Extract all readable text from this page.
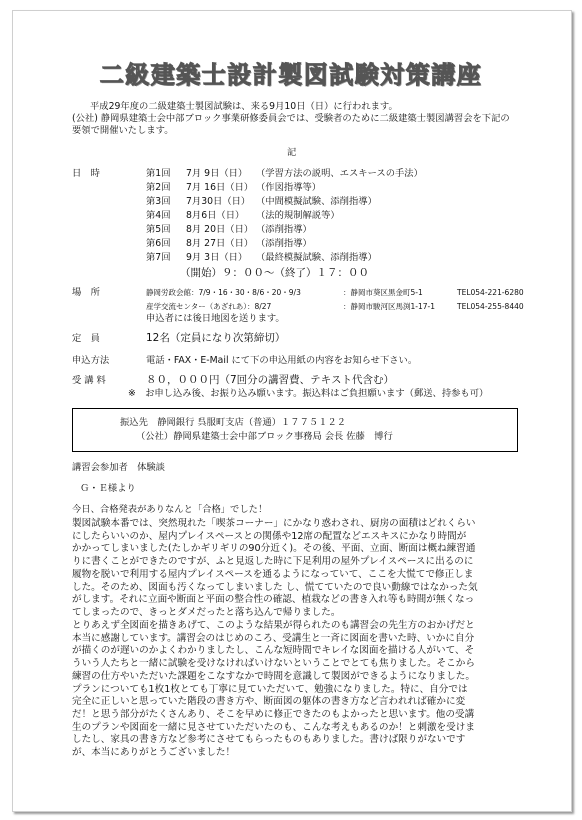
二級建築士設計製図試験対策講座
平成29年度の二級建築士製図試験は、来る9月10日（日）に行われます。
(公社) 静岡県建築士会中部ブロック事業研修委員会では、受験者のために二級建築士製図講習会を下記の
要領で開催いたします。
記
日　時	第1回 7月 9日（日） （学習方法の説明、エスキースの手法）
第2回 7月 16日（日） （作図指導等）
第3回 7月30日（日） （中間模擬試験、添削指導）
第4回 8月6日（日） （法的規制解説等）
第5回 8月 20日（日） （添削指導）
第6回 8月 27日（日） （添削指導）
第7回 9月 3日（日） （最終模擬試験、添削指導）
（開始）９：００～（終了）１７：００
場　所	静岡労政会館：7/9・16・30・8/6・20・9/3	：静岡市葵区黒金町5-1	TEL054-221-6280
産学交流センター（あざれあ）：8/27	：静岡市駿河区馬渕1-17-1	TEL054-255-8440
申込者には後日地図を送ります。
定　員	12名（定員になり次第締切）
申込方法	電話・FAX・E-Mail にて下の申込用紙の内容をお知らせ下さい。
受 講 料	８０，０００円（7回分の講習費、テキスト代含む）
※　お申し込み後、お振り込み願います。振込料はご負担願います（郵送、持参も可）
振込先　静岡銀行 呉服町支店（普通）１７７５１２２
（公社）静岡県建築士会中部ブロック事務局 会長 佐藤　博行
講習会参加者　体験談
Ｇ・Ｅ様より
今日、合格発表がありなんと「合格」でした！
製図試験本番では、突然現れた「喫茶コーナー」にかなり惑わされ、厨房の面積はどれくらい
にしたらいいのか、屋内プレイスペースとの関係や12席の配置などエスキスにかなり時間が
かかってしまいました(たしかギリギリの90分近く)。その後、平面、立面、断面は概ね練習通
りに書くことができたのですが、ふと見返した時に下足利用の屋外プレイスペースに出るのに
履物を脱いで利用する屋内プレイスペースを通るようになっていて、ここを大慌てで修正しま
した。そのため、図面も汚くなってしまいました し、慌てていたので良い動線ではなかった気
がします。それに立面や断面と平面の整合性の確認、植栽などの書き入れ等も時間が無くなっ
てしまったので、きっとダメだったと落ち込んで帰りました。
とりあえず全図面を描きあげて、このような結果が得られたのも講習会の先生方のおかげだと
本当に感謝しています。講習会のはじめのころ、受講生と一斉に図面を書いた時、いかに自分
が描くのが遅いのかよくわかりましたし、こんな短時間でキレイな図面を描ける人がいて、そ
ういう人たちと一緒に試験を受けなければいけないということでとても焦りました。そこから
練習の仕方やいただいた課題をこなすなかで時間を意識して製図ができるようになりました。
プランについても1枚1枚とても丁寧に見ていただいて、勉強になりました。特に、自分では
完全に正しいと思っていた階段の書き方や、断面図の躯体の書き方など言われれば確かに変
だ！と思う部分がたくさんあり、そこを早めに修正できたのもよかったと思います。他の受講
生のプランや図面を一緒に見させていただいたのも、こんな考えもあるのか！と刺激を受けま
したし、家具の書き方など参考にさせてもらったものもありました。書けば限りがないです
が、本当にありがとうございました！
